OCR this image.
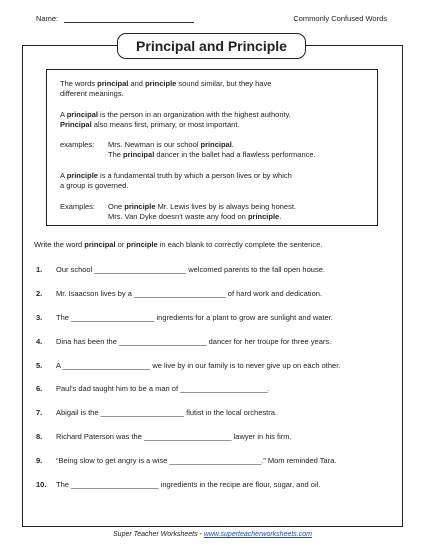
Name:	Commonly Confused Words
Principal and Principle
The words principal and principle sound similar, but they have
different meanings.
A principal is the person in an organization with the highest authority.
Principal also means first, primary, or most important.
examples: Mrs. Newman is our school principal.
The principal dancer in the ballet had a flawless performance.
A principle is a fundamental truth by which a person lives or by which
a group is governed.
Examples: One principle Mr. Lewis lives by is always being honest.
Mrs. Van Dyke doesn’t waste any food on principle.
Write the word principal or principle in each blank to correctly complete the sentence.
1. Our school ______________________ welcomed parents to the fall open house.
2. Mr. Isaacson lives by a ______________________ of hard work and dedication.
3. The ____________________ ingredients for a plant to grow are sunlight and water.
4. Dina has been the _____________________ dancer for her troupe for three years.
5. A _____________________ we live by in our family is to never give up on each other.
6. Paul’s dad taught him to be a man of _____________________.
7. Abigail is the ____________________ flutist in the local orchestra.
8. Richard Paterson was the _____________________ lawyer in his firm.
9. “Being slow to get angry is a wise ______________________.” Mom reminded Tara.
10. The _____________________ ingredients in the recipe are flour, sugar, and oil.
Super Teacher Worksheets - www.superteacherworksheets.com
